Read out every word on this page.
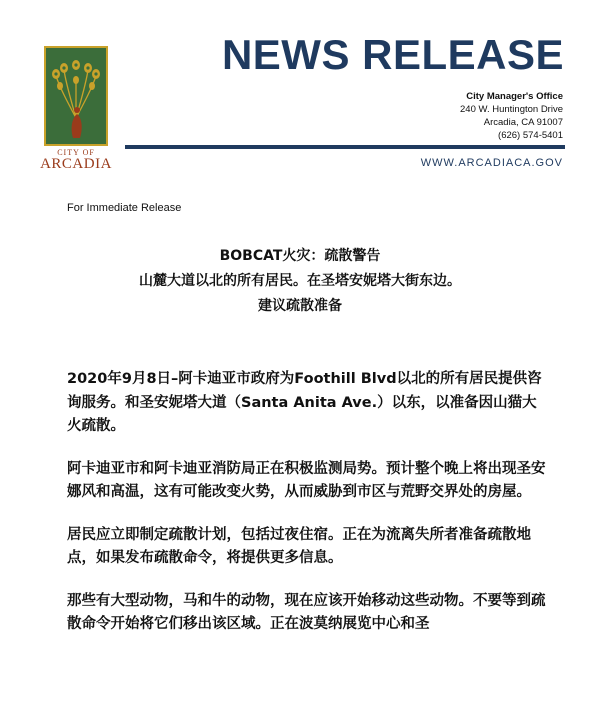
CITY OF
ARCADIA
NEWS RELEASE
City Manager's Office
240 W. Huntington Drive
Arcadia, CA 91007
(626) 574-5401
WWW.ARCADIACA.GOV
For Immediate Release
BOBCAT火灾：疏散警告
山麓大道以北的所有居民。在圣塔安妮塔大街东边。
建议疏散准备

2020年9月8日–阿卡迪亚市政府为Foothill Blvd以北的所有居民提供咨询服务。和圣安妮塔大道（Santa Anita Ave.）以东，以准备因山猫大火疏散。

阿卡迪亚市和阿卡迪亚消防局正在积极监测局势。预计整个晚上将出现圣安娜风和高温，这有可能改变火势，从而威胁到市区与荒野交界处的房屋。

居民应立即制定疏散计划，包括过夜住宿。正在为流离失所者准备疏散地点，如果发布疏散命令，将提供更多信息。

那些有大型动物，马和牛的动物，现在应该开始移动这些动物。不要等到疏散命令开始将它们移出该区域。正在波莫纳展览中心和圣
